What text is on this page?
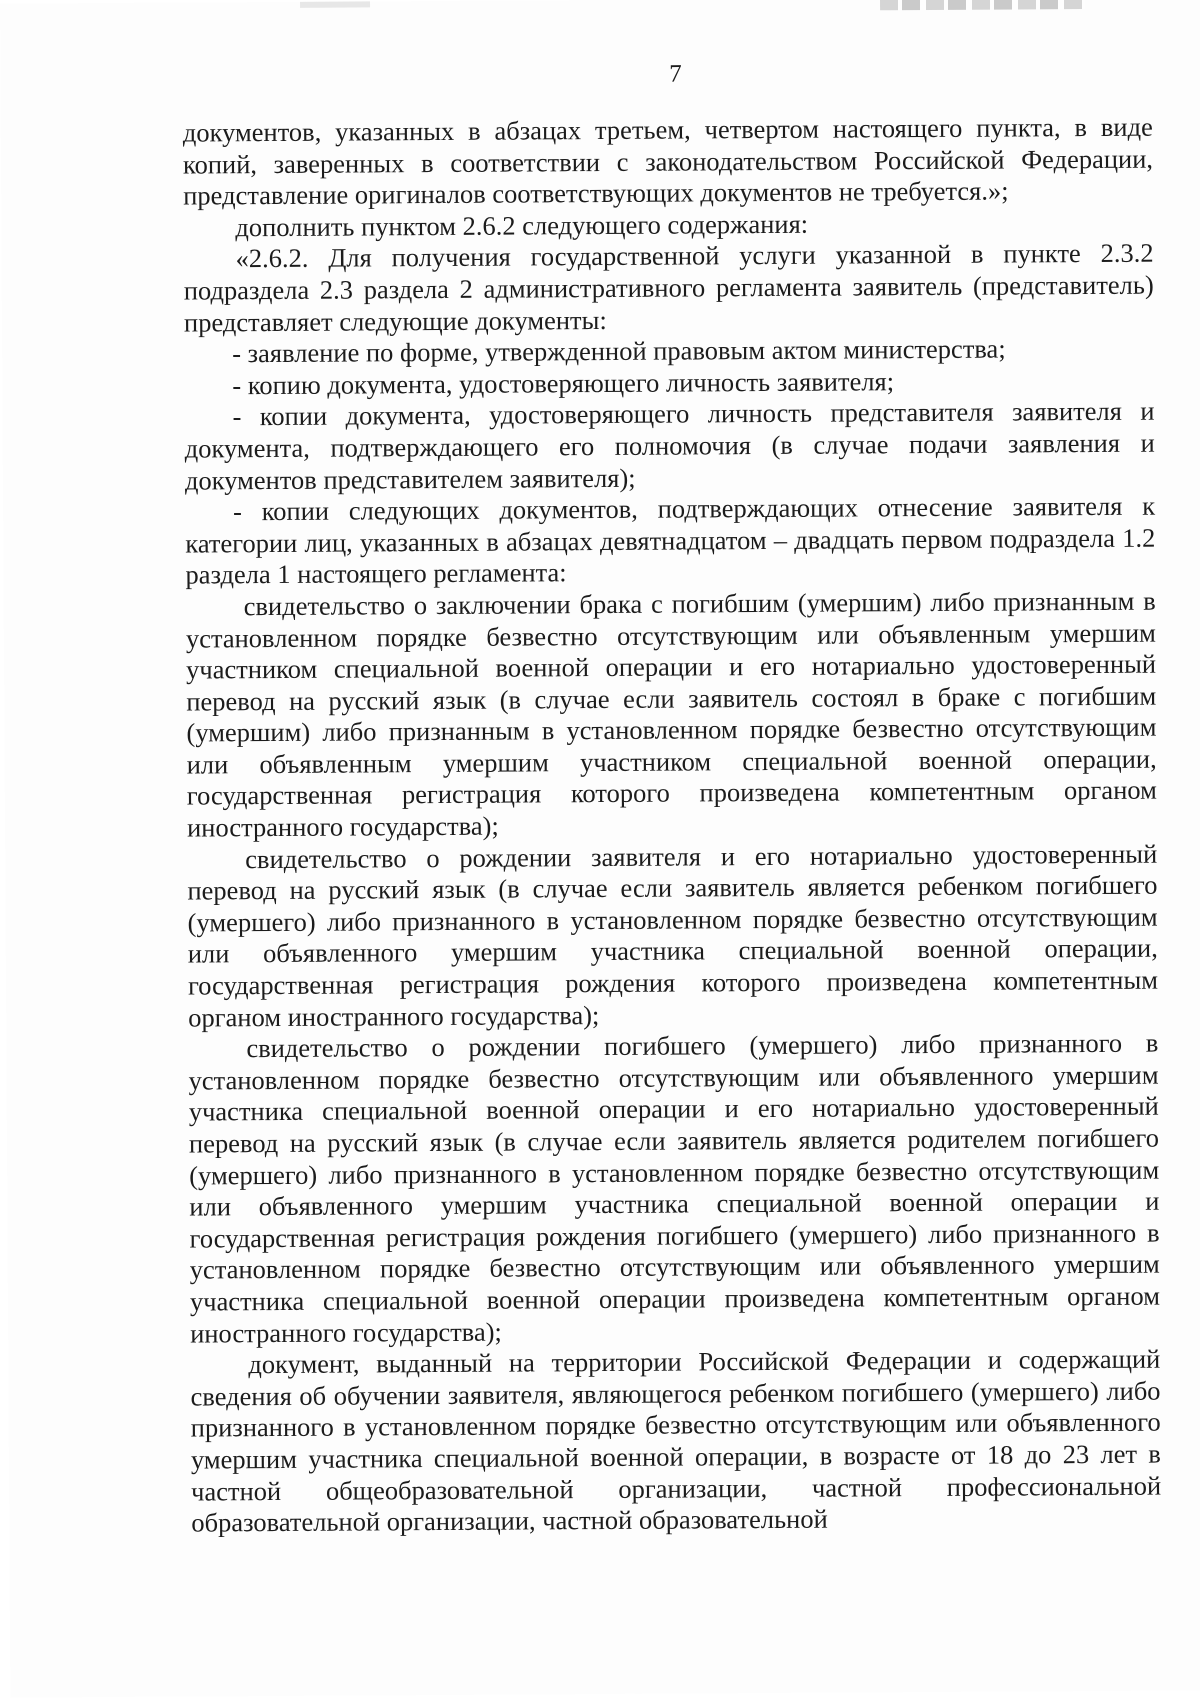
7

документов, указанных в абзацах третьем, четвертом настоящего пункта, в виде копий, заверенных в соответствии с законодательством Российской Федерации, представление оригиналов соответствующих документов не требуется.»;

дополнить пунктом 2.6.2 следующего содержания:

«2.6.2. Для получения государственной услуги указанной в пункте 2.3.2 подраздела 2.3 раздела 2 административного регламента заявитель (представитель) представляет следующие документы:

- заявление по форме, утвержденной правовым актом министерства;

- копию документа, удостоверяющего личность заявителя;

- копии документа, удостоверяющего личность представителя заявителя и документа, подтверждающего его полномочия (в случае подачи заявления и документов представителем заявителя);

- копии следующих документов, подтверждающих отнесение заявителя к категории лиц, указанных в абзацах девятнадцатом – двадцать первом подраздела 1.2 раздела 1 настоящего регламента:

свидетельство о заключении брака с погибшим (умершим) либо признанным в установленном порядке безвестно отсутствующим или объявленным умершим участником специальной военной операции и его нотариально удостоверенный перевод на русский язык (в случае если заявитель состоял в браке с погибшим (умершим) либо признанным в установленном порядке безвестно отсутствующим или объявленным умершим участником специальной военной операции, государственная регистрация которого произведена компетентным органом иностранного государства);

свидетельство о рождении заявителя и его нотариально удостоверенный перевод на русский язык (в случае если заявитель является ребенком погибшего (умершего) либо признанного в установленном порядке безвестно отсутствующим или объявленного умершим участника специальной военной операции, государственная регистрация рождения которого произведена компетентным органом иностранного государства);

свидетельство о рождении погибшего (умершего) либо признанного в установленном порядке безвестно отсутствующим или объявленного умершим участника специальной военной операции и его нотариально удостоверенный перевод на русский язык (в случае если заявитель является родителем погибшего (умершего) либо признанного в установленном порядке безвестно отсутствующим или объявленного умершим участника специальной военной операции и государственная регистрация рождения погибшего (умершего) либо признанного в установленном порядке безвестно отсутствующим или объявленного умершим участника специальной военной операции произведена компетентным органом иностранного государства);

документ, выданный на территории Российской Федерации и содержащий сведения об обучении заявителя, являющегося ребенком погибшего (умершего) либо признанного в установленном порядке безвестно отсутствующим или объявленного умершим участника специальной военной операции, в возрасте от 18 до 23 лет в частной общеобразовательной организации, частной профессиональной образовательной организации, частной образовательной
